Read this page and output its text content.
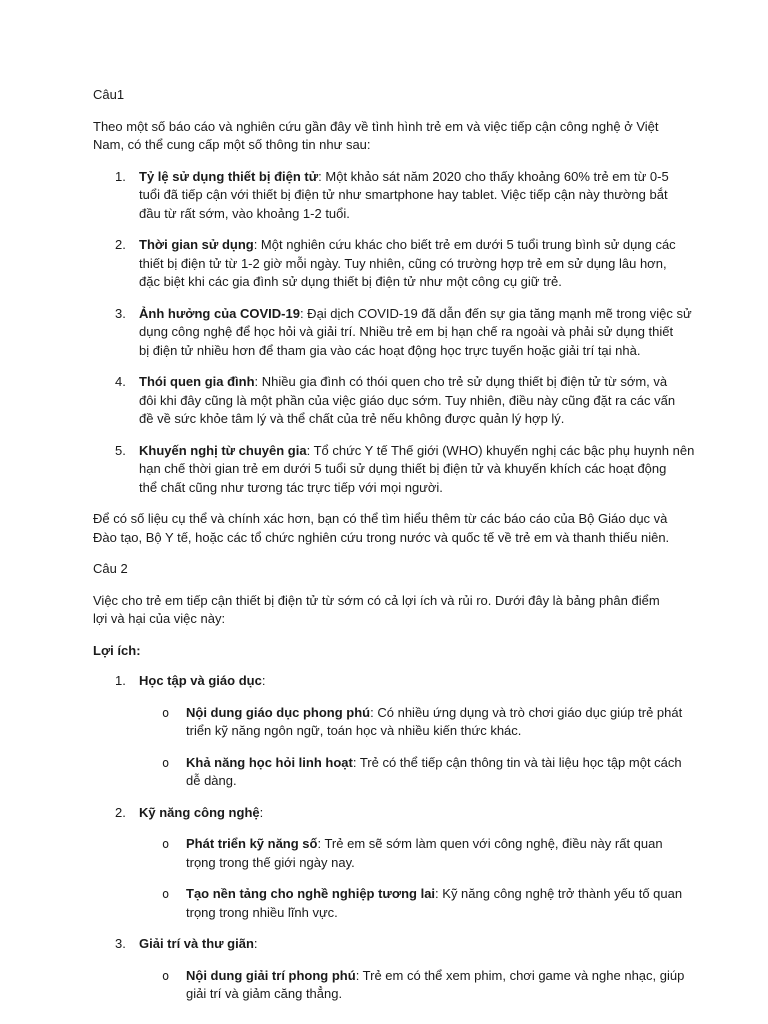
Câu1

Theo một số báo cáo và nghiên cứu gần đây về tình hình trẻ em và việc tiếp cận công nghệ ở Việt
Nam, có thể cung cấp một số thông tin như sau:

1. Tỷ lệ sử dụng thiết bị điện tử: Một khảo sát năm 2020 cho thấy khoảng 60% trẻ em từ 0-5
tuổi đã tiếp cận với thiết bị điện tử như smartphone hay tablet. Việc tiếp cận này thường bắt
đầu từ rất sớm, vào khoảng 1-2 tuổi.
2. Thời gian sử dụng: Một nghiên cứu khác cho biết trẻ em dưới 5 tuổi trung bình sử dụng các
thiết bị điện tử từ 1-2 giờ mỗi ngày. Tuy nhiên, cũng có trường hợp trẻ em sử dụng lâu hơn,
đặc biệt khi các gia đình sử dụng thiết bị điện tử như một công cụ giữ trẻ.
3. Ảnh hưởng của COVID-19: Đại dịch COVID-19 đã dẫn đến sự gia tăng mạnh mẽ trong việc sử
dụng công nghệ để học hỏi và giải trí. Nhiều trẻ em bị hạn chế ra ngoài và phải sử dụng thiết
bị điện tử nhiều hơn để tham gia vào các hoạt động học trực tuyến hoặc giải trí tại nhà.
4. Thói quen gia đình: Nhiều gia đình có thói quen cho trẻ sử dụng thiết bị điện tử từ sớm, và
đôi khi đây cũng là một phần của việc giáo dục sớm. Tuy nhiên, điều này cũng đặt ra các vấn
đề về sức khỏe tâm lý và thể chất của trẻ nếu không được quản lý hợp lý.
5. Khuyến nghị từ chuyên gia: Tổ chức Y tế Thế giới (WHO) khuyến nghị các bậc phụ huynh nên
hạn chế thời gian trẻ em dưới 5 tuổi sử dụng thiết bị điện tử và khuyến khích các hoạt động
thể chất cũng như tương tác trực tiếp với mọi người.

Để có số liệu cụ thể và chính xác hơn, bạn có thể tìm hiểu thêm từ các báo cáo của Bộ Giáo dục và
Đào tạo, Bộ Y tế, hoặc các tổ chức nghiên cứu trong nước và quốc tế về trẻ em và thanh thiếu niên.

Câu 2

Việc cho trẻ em tiếp cận thiết bị điện tử từ sớm có cả lợi ích và rủi ro. Dưới đây là bảng phân điểm
lợi và hại của việc này:

Lợi ích:

1. Học tập và giáo dục:
o Nội dung giáo dục phong phú: Có nhiều ứng dụng và trò chơi giáo dục giúp trẻ phát
triển kỹ năng ngôn ngữ, toán học và nhiều kiến thức khác.
o Khả năng học hỏi linh hoạt: Trẻ có thể tiếp cận thông tin và tài liệu học tập một cách
dễ dàng.
2. Kỹ năng công nghệ:
o Phát triển kỹ năng số: Trẻ em sẽ sớm làm quen với công nghệ, điều này rất quan
trọng trong thế giới ngày nay.
o Tạo nền tảng cho nghề nghiệp tương lai: Kỹ năng công nghệ trở thành yếu tố quan
trọng trong nhiều lĩnh vực.
3. Giải trí và thư giãn:
o Nội dung giải trí phong phú: Trẻ em có thể xem phim, chơi game và nghe nhạc, giúp
giải trí và giảm căng thẳng.
